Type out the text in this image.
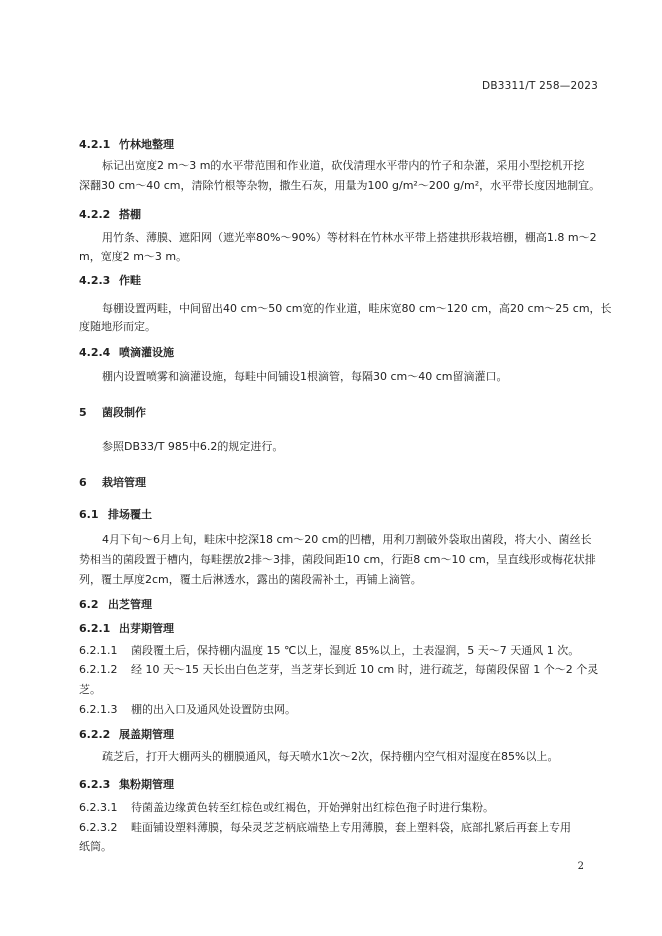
DB3311/T 258—2023
4.2.1 竹林地整理
标记出宽度2 m～3 m的水平带范围和作业道，砍伐清理水平带内的竹子和杂灌，采用小型挖机开挖
深翻30 cm～40 cm，清除竹根等杂物，撒生石灰，用量为100 g/m²～200 g/m²，水平带长度因地制宜。
4.2.2 搭棚
用竹条、薄膜、遮阳网（遮光率80%～90%）等材料在竹林水平带上搭建拱形栽培棚，棚高1.8 m～2
m，宽度2 m～3 m。
4.2.3 作畦
每棚设置两畦，中间留出40 cm～50 cm宽的作业道，畦床宽80 cm～120 cm，高20 cm～25 cm，长
度随地形而定。
4.2.4 喷滴灌设施
棚内设置喷雾和滴灌设施，每畦中间铺设1根滴管，每隔30 cm～40 cm留滴灌口。
5 菌段制作
参照DB33/T 985中6.2的规定进行。
6 栽培管理
6.1 排场覆土
4月下旬～6月上旬，畦床中挖深18 cm～20 cm的凹槽，用利刀割破外袋取出菌段，将大小、菌丝长
势相当的菌段置于槽内，每畦摆放2排～3排，菌段间距10 cm，行距8 cm～10 cm，呈直线形或梅花状排
列，覆土厚度2cm，覆土后淋透水，露出的菌段需补土，再铺上滴管。
6.2 出芝管理
6.2.1 出芽期管理
6.2.1.1 菌段覆土后，保持棚内温度 15 ℃以上，湿度 85%以上，土表湿润，5 天～7 天通风 1 次。
6.2.1.2 经 10 天～15 天长出白色芝芽，当芝芽长到近 10 cm 时，进行疏芝，每菌段保留 1 个～2 个灵
芝。
6.2.1.3 棚的出入口及通风处设置防虫网。
6.2.2 展盖期管理
疏芝后，打开大棚两头的棚膜通风，每天喷水1次～2次，保持棚内空气相对湿度在85%以上。
6.2.3 集粉期管理
6.2.3.1 待菌盖边缘黄色转至红棕色或红褐色，开始弹射出红棕色孢子时进行集粉。
6.2.3.2 畦面铺设塑料薄膜，每朵灵芝芝柄底端垫上专用薄膜，套上塑料袋，底部扎紧后再套上专用
纸筒。
2
